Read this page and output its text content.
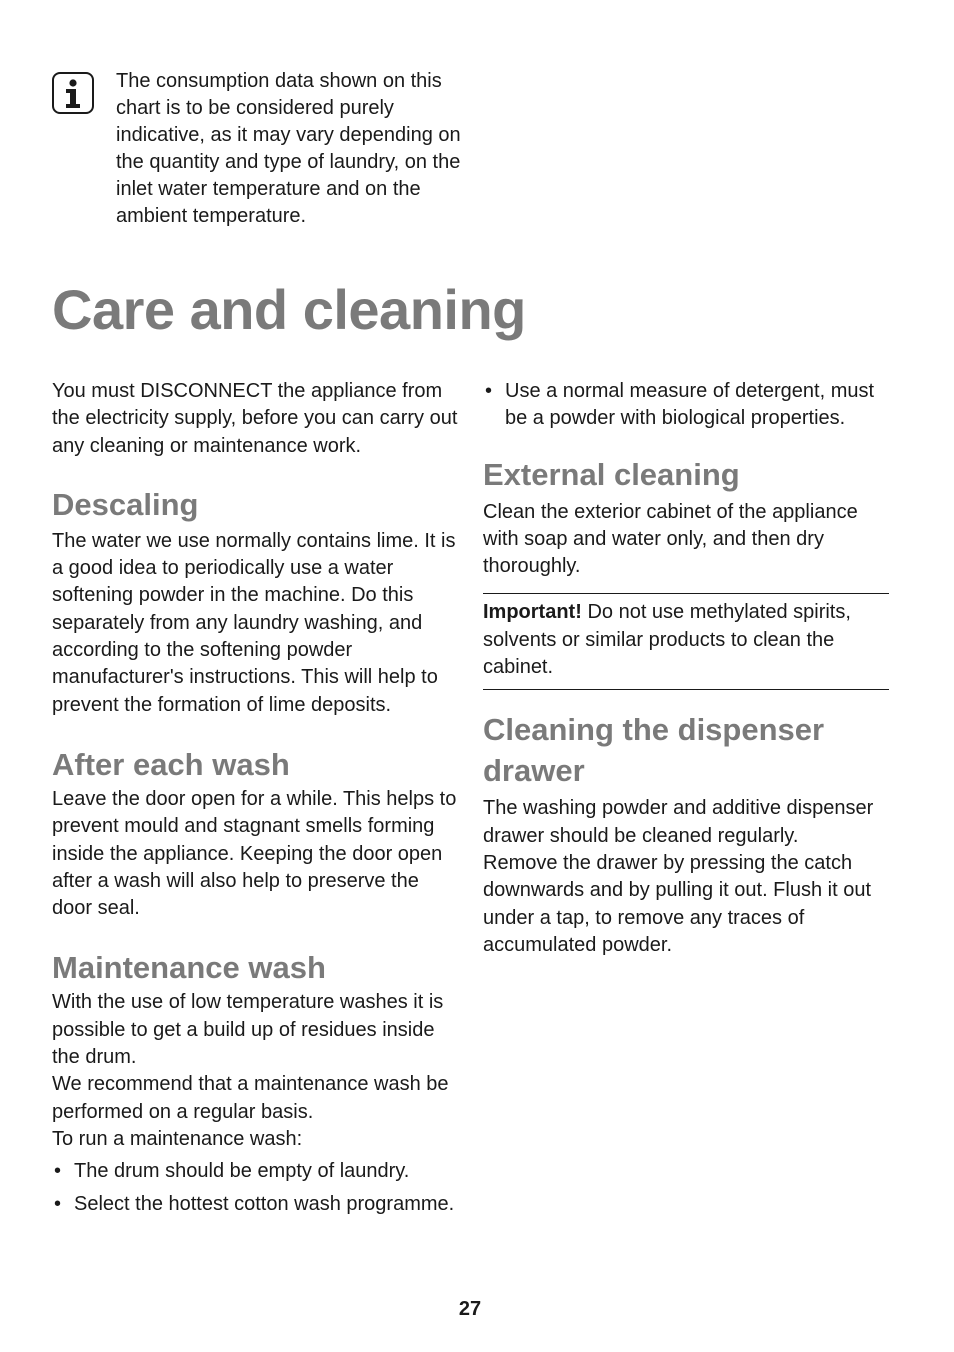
The consumption data shown on this chart is to be considered purely indicative, as it may vary depending on the quantity and type of laundry, on the inlet water temperature and on the ambient temperature.

Care and cleaning

You must DISCONNECT the appliance from the electricity supply, before you can carry out any cleaning or maintenance work.

Descaling

The water we use normally contains lime. It is a good idea to periodically use a water softening powder in the machine. Do this separately from any laundry washing, and according to the softening powder manufacturer's instructions. This will help to prevent the formation of lime deposits.

After each wash

Leave the door open for a while. This helps to prevent mould and stagnant smells forming inside the appliance. Keeping the door open after a wash will also help to preserve the door seal.

Maintenance wash

With the use of low temperature washes it is possible to get a build up of residues inside the drum.

We recommend that a maintenance wash be performed on a regular basis.

To run a maintenance wash:

• The drum should be empty of laundry.
• Select the hottest cotton wash programme.
• Use a normal measure of detergent, must be a powder with biological properties.
External cleaning

Clean the exterior cabinet of the appliance with soap and water only, and then dry thoroughly.

Important! Do not use methylated spirits, solvents or similar products to clean the cabinet.

Cleaning the dispenser drawer

The washing powder and additive dispenser drawer should be cleaned regularly.

Remove the drawer by pressing the catch downwards and by pulling it out. Flush it out under a tap, to remove any traces of accumulated powder.

27
